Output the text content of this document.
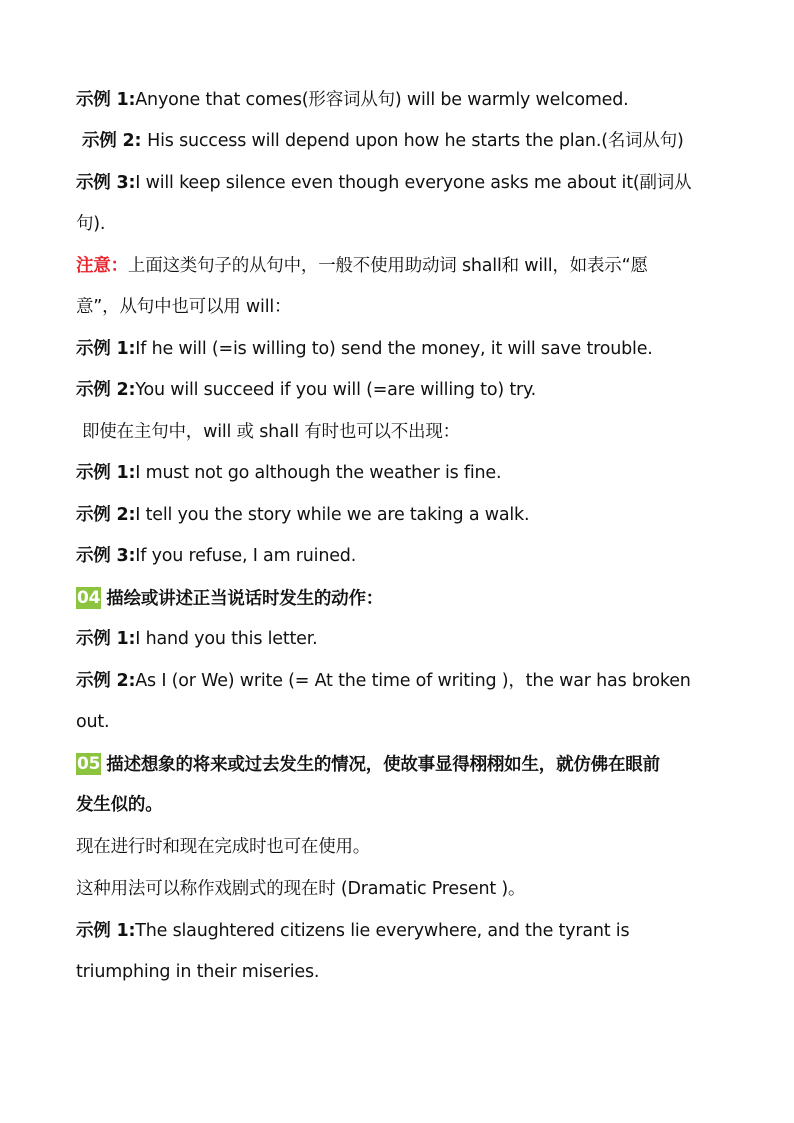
示例 1:Anyone that comes(形容词从句) will be warmly welcomed.
示例 2: His success will depend upon how he starts the plan.(名词从句)
示例 3:I will keep silence even though everyone asks me about it(副词从
句).
注意：上面这类句子的从句中，一般不使用助动词 shall和 will，如表示“愿
意”，从句中也可以用 will：
示例 1:If he will (=is willing to) send the money, it will save trouble.
示例 2:You will succeed if you will (=are willing to) try.
即使在主句中，will 或 shall 有时也可以不出现：
示例 1:I must not go although the weather is fine.
示例 2:I tell you the story while we are taking a walk.
示例 3:If you refuse, I am ruined.
04 描绘或讲述正当说话时发生的动作：
示例 1:I hand you this letter.
示例 2:As I (or We) write (= At the time of writing )，the war has broken
out.
05 描述想象的将来或过去发生的情况，使故事显得栩栩如生，就仿佛在眼前
发生似的。
现在进行时和现在完成时也可在使用。
这种用法可以称作戏剧式的现在时 (Dramatic Present )。
示例 1:The slaughtered citizens lie everywhere, and the tyrant is
triumphing in their miseries.
